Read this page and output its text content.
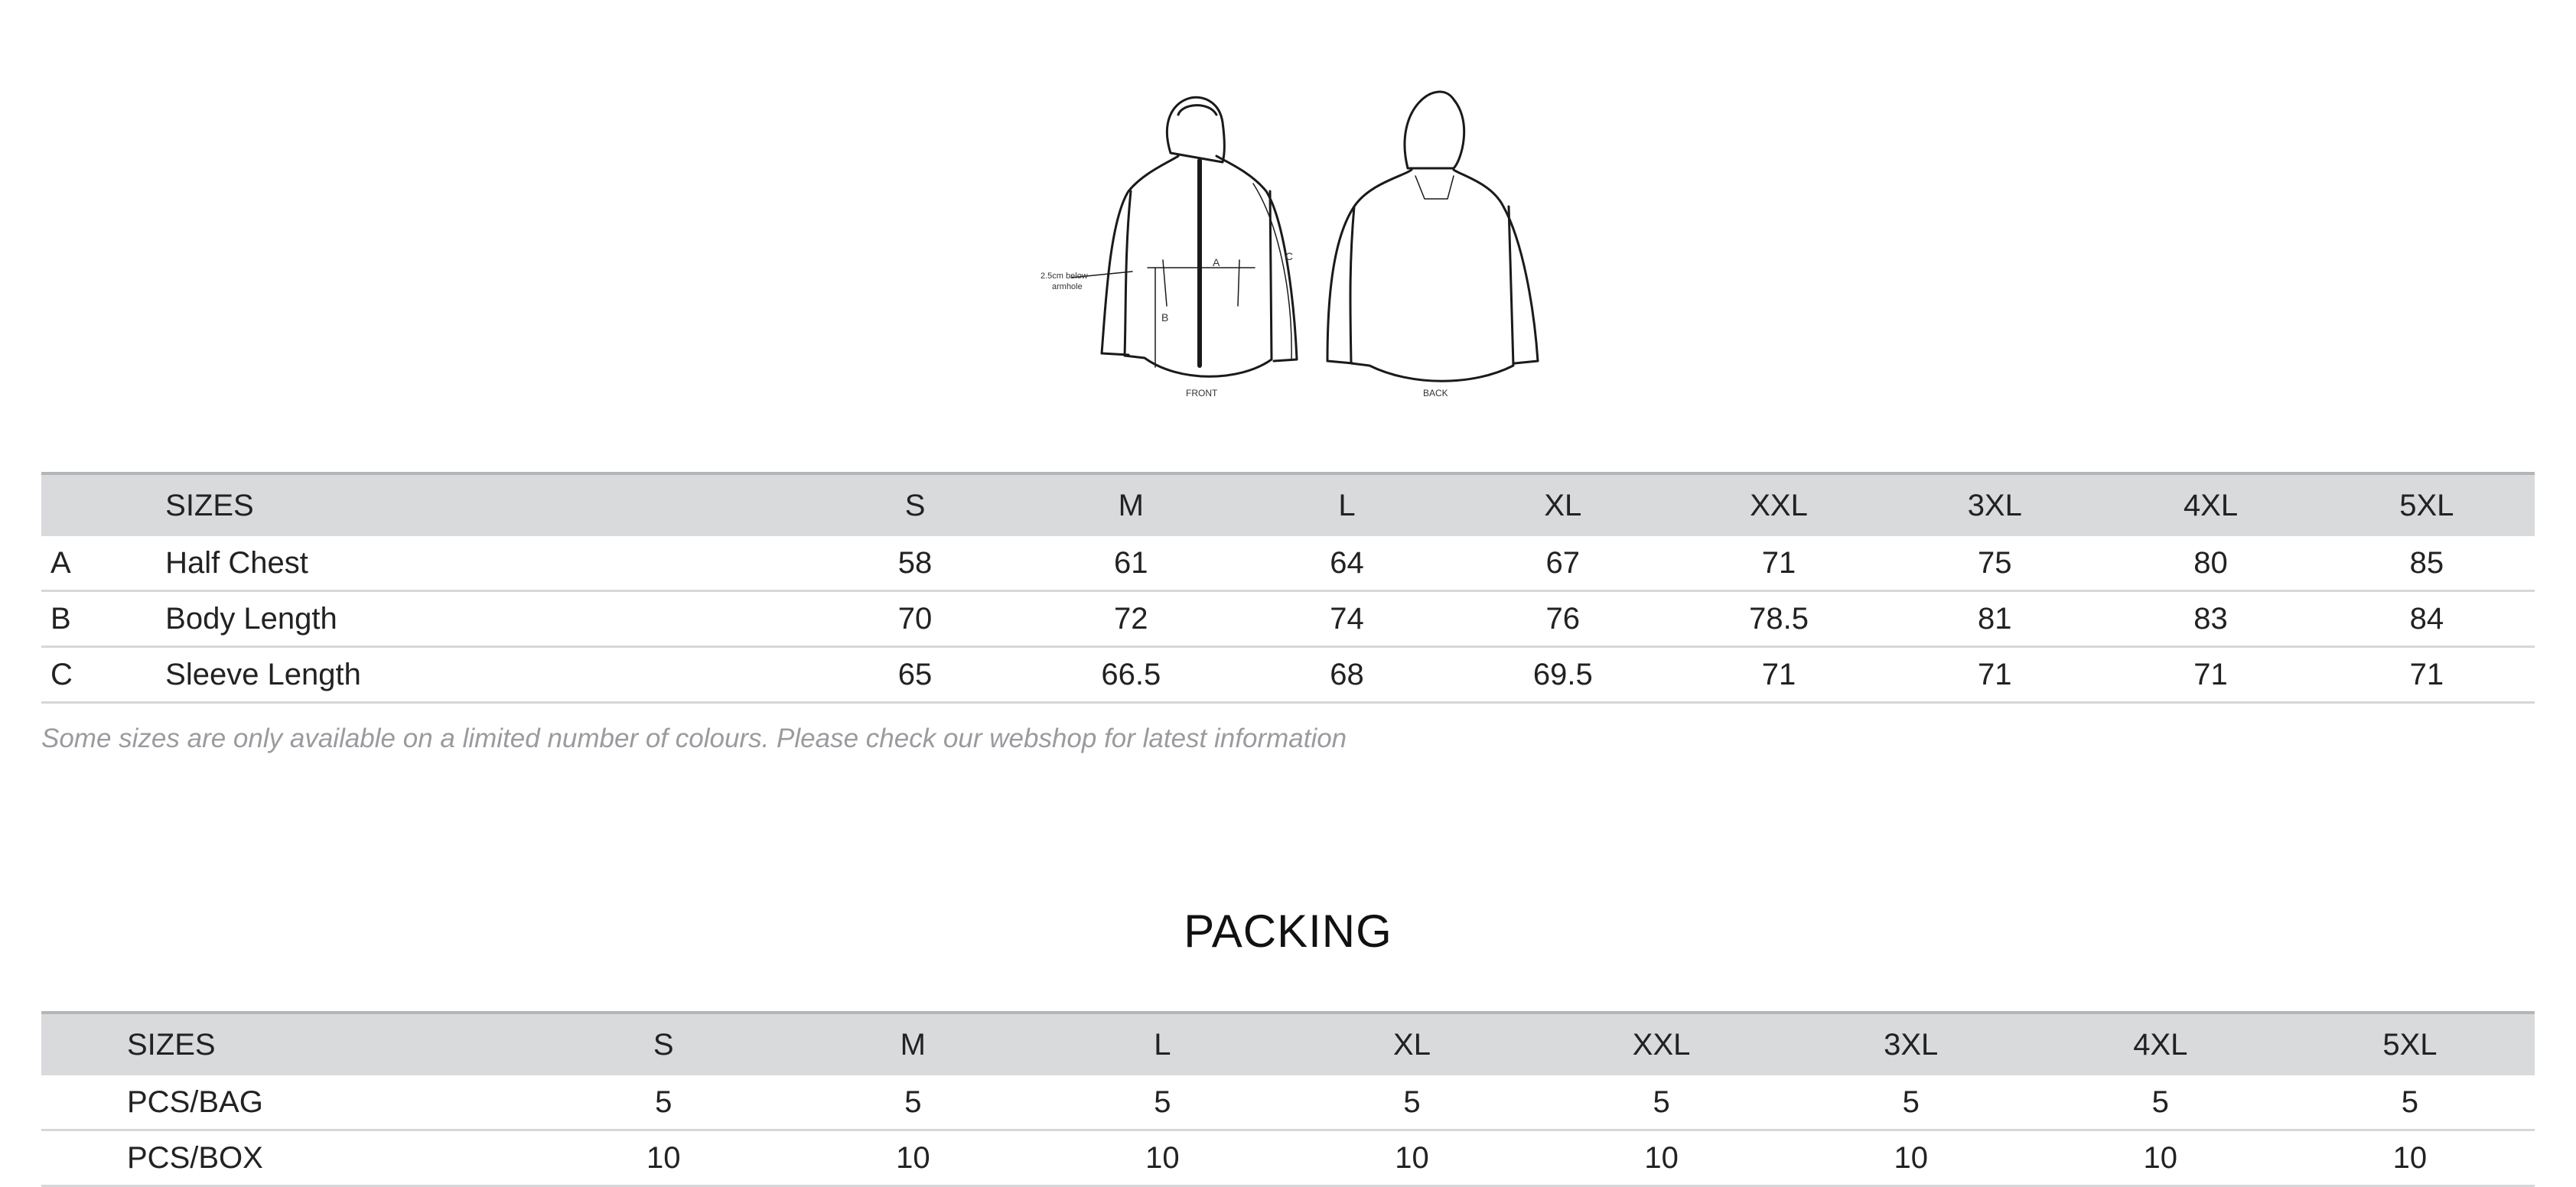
2.5cm below
armhole
A
B
C
FRONT	BACK
	SIZES	S	M	L	XL	XXL	3XL	4XL	5XL
A	Half Chest	58	61	64	67	71	75	80	85
B	Body Length	70	72	74	76	78.5	81	83	84
C	Sleeve Length	65	66.5	68	69.5	71	71	71	71
Some sizes are only available on a limited number of colours. Please check our webshop for latest information
PACKING
SIZES	S	M	L	XL	XXL	3XL	4XL	5XL
PCS/BAG	5	5	5	5	5	5	5	5
PCS/BOX	10	10	10	10	10	10	10	10
